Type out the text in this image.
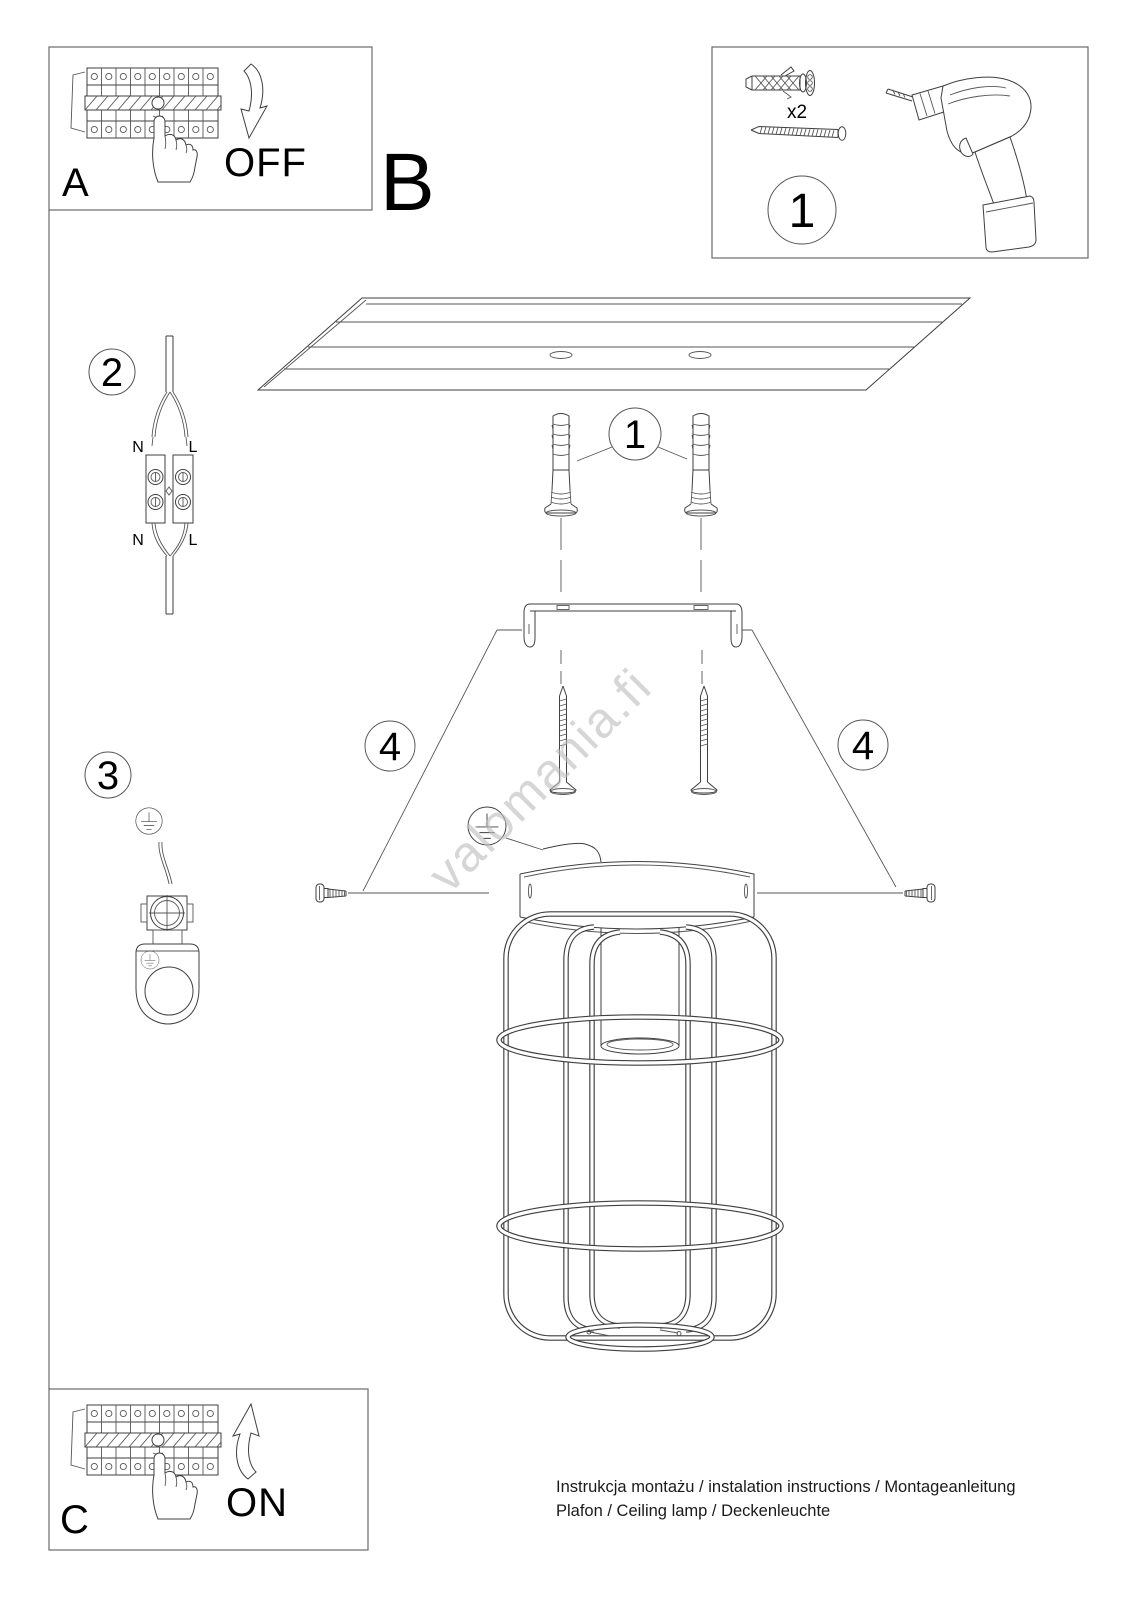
A	OFF B
x2
1
2
N	L
N	L
3
1
4	4
C	ON	Instrukcja montażu / instalation instructions / Montageanleitung
Plafon / Ceiling lamp / Deckenleuchte
valomania.fi
